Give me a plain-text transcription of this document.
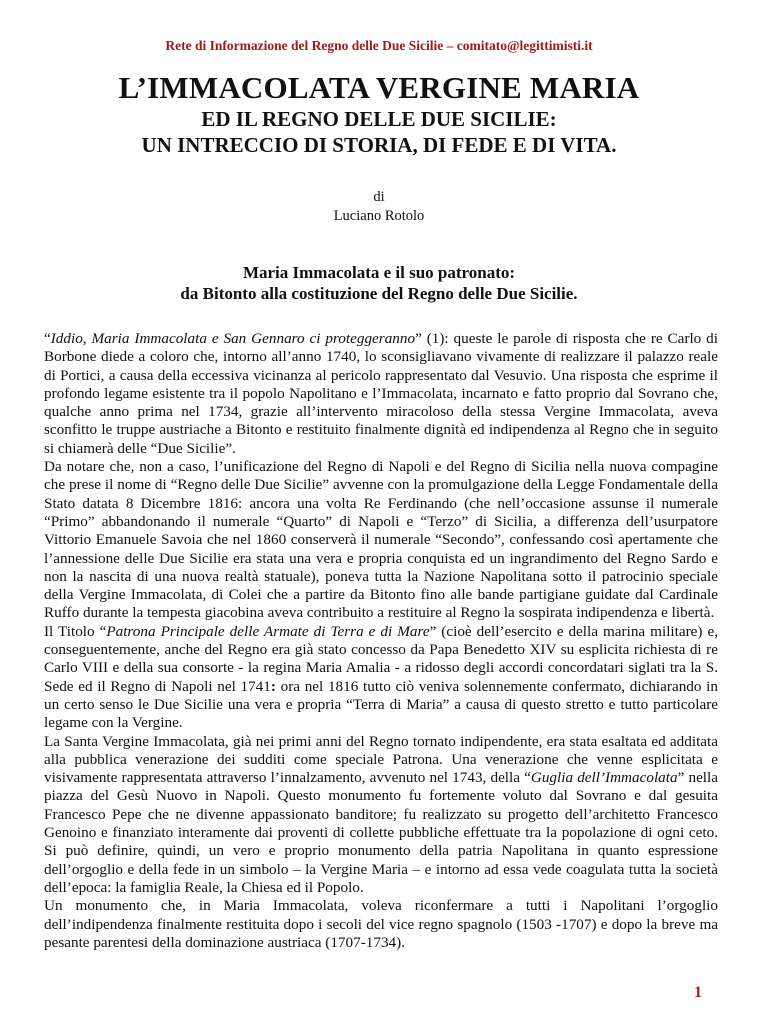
Rete di Informazione del Regno delle Due Sicilie – comitato@legittimisti.it
L’IMMACOLATA VERGINE MARIA
ED IL REGNO DELLE DUE SICILIE:
UN INTRECCIO DI STORIA, DI FEDE E DI VITA.
di
Luciano Rotolo
Maria Immacolata e il suo patronato:
da Bitonto alla costituzione del Regno delle Due Sicilie.

“Iddio, Maria Immacolata e San Gennaro ci proteggeranno” (1): queste le parole di risposta che re Carlo di Borbone diede a coloro che, intorno all’anno 1740, lo sconsigliavano vivamente di realizzare il palazzo reale di Portici, a causa della eccessiva vicinanza al pericolo rappresentato dal Vesuvio. Una risposta che esprime il profondo legame esistente tra il popolo Napolitano e l’Immacolata, incarnato e fatto proprio dal Sovrano che, qualche anno prima nel 1734, grazie all’intervento miracoloso della stessa Vergine Immacolata, aveva sconfitto le truppe austriache a Bitonto e restituito finalmente dignità ed indipendenza al Regno che in seguito si chiamerà delle “Due Sicilie”.

Da notare che, non a caso, l’unificazione del Regno di Napoli e del Regno di Sicilia nella nuova compagine che prese il nome di “Regno delle Due Sicilie” avvenne con la promulgazione della Legge Fondamentale della Stato datata 8 Dicembre 1816: ancora una volta Re Ferdinando (che nell’occasione assunse il numerale “Primo” abbandonando il numerale “Quarto” di Napoli e “Terzo” di Sicilia, a differenza dell’usurpatore Vittorio Emanuele Savoia che nel 1860 conserverà il numerale “Secondo”, confessando così apertamente che l’annessione delle Due Sicilie era stata una vera e propria conquista ed un ingrandimento del Regno Sardo e non la nascita di una nuova realtà statuale), poneva tutta la Nazione Napolitana sotto il patrocinio speciale della Vergine Immacolata, di Colei che a partire da Bitonto fino alle bande partigiane guidate dal Cardinale Ruffo durante la tempesta giacobina aveva contribuito a restituire al Regno la sospirata indipendenza e libertà.

Il Titolo “Patrona Principale delle Armate di Terra e di Mare” (cioè dell’esercito e della marina militare) e, conseguentemente, anche del Regno era già stato concesso da Papa Benedetto XIV su esplicita richiesta di re Carlo VIII e della sua consorte - la regina Maria Amalia - a ridosso degli accordi concordatari siglati tra la S. Sede ed il Regno di Napoli nel 1741: ora nel 1816 tutto ciò veniva solennemente confermato, dichiarando in un certo senso le Due Sicilie una vera e propria “Terra di Maria” a causa di questo stretto e tutto particolare legame con la Vergine.

La Santa Vergine Immacolata, già nei primi anni del Regno tornato indipendente, era stata esaltata ed additata alla pubblica venerazione dei sudditi come speciale Patrona. Una venerazione che venne esplicitata e visivamente rappresentata attraverso l’innalzamento, avvenuto nel 1743, della “Guglia dell’Immacolata” nella piazza del Gesù Nuovo in Napoli. Questo monumento fu fortemente voluto dal Sovrano e dal gesuita Francesco Pepe che ne divenne appassionato banditore; fu realizzato su progetto dell’architetto Francesco Genoino e finanziato interamente dai proventi di collette pubbliche effettuate tra la popolazione di ogni ceto. Si può definire, quindi, un vero e proprio monumento della patria Napolitana in quanto espressione dell’orgoglio e della fede in un simbolo – la Vergine Maria – e intorno ad essa vede coagulata tutta la società dell’epoca: la famiglia Reale, la Chiesa ed il Popolo.

Un monumento che, in Maria Immacolata, voleva riconfermare a tutti i Napolitani l’orgoglio dell’indipendenza finalmente restituita dopo i secoli del vice regno spagnolo (1503 -1707) e dopo la breve ma pesante parentesi della dominazione austriaca (1707-1734).

1
